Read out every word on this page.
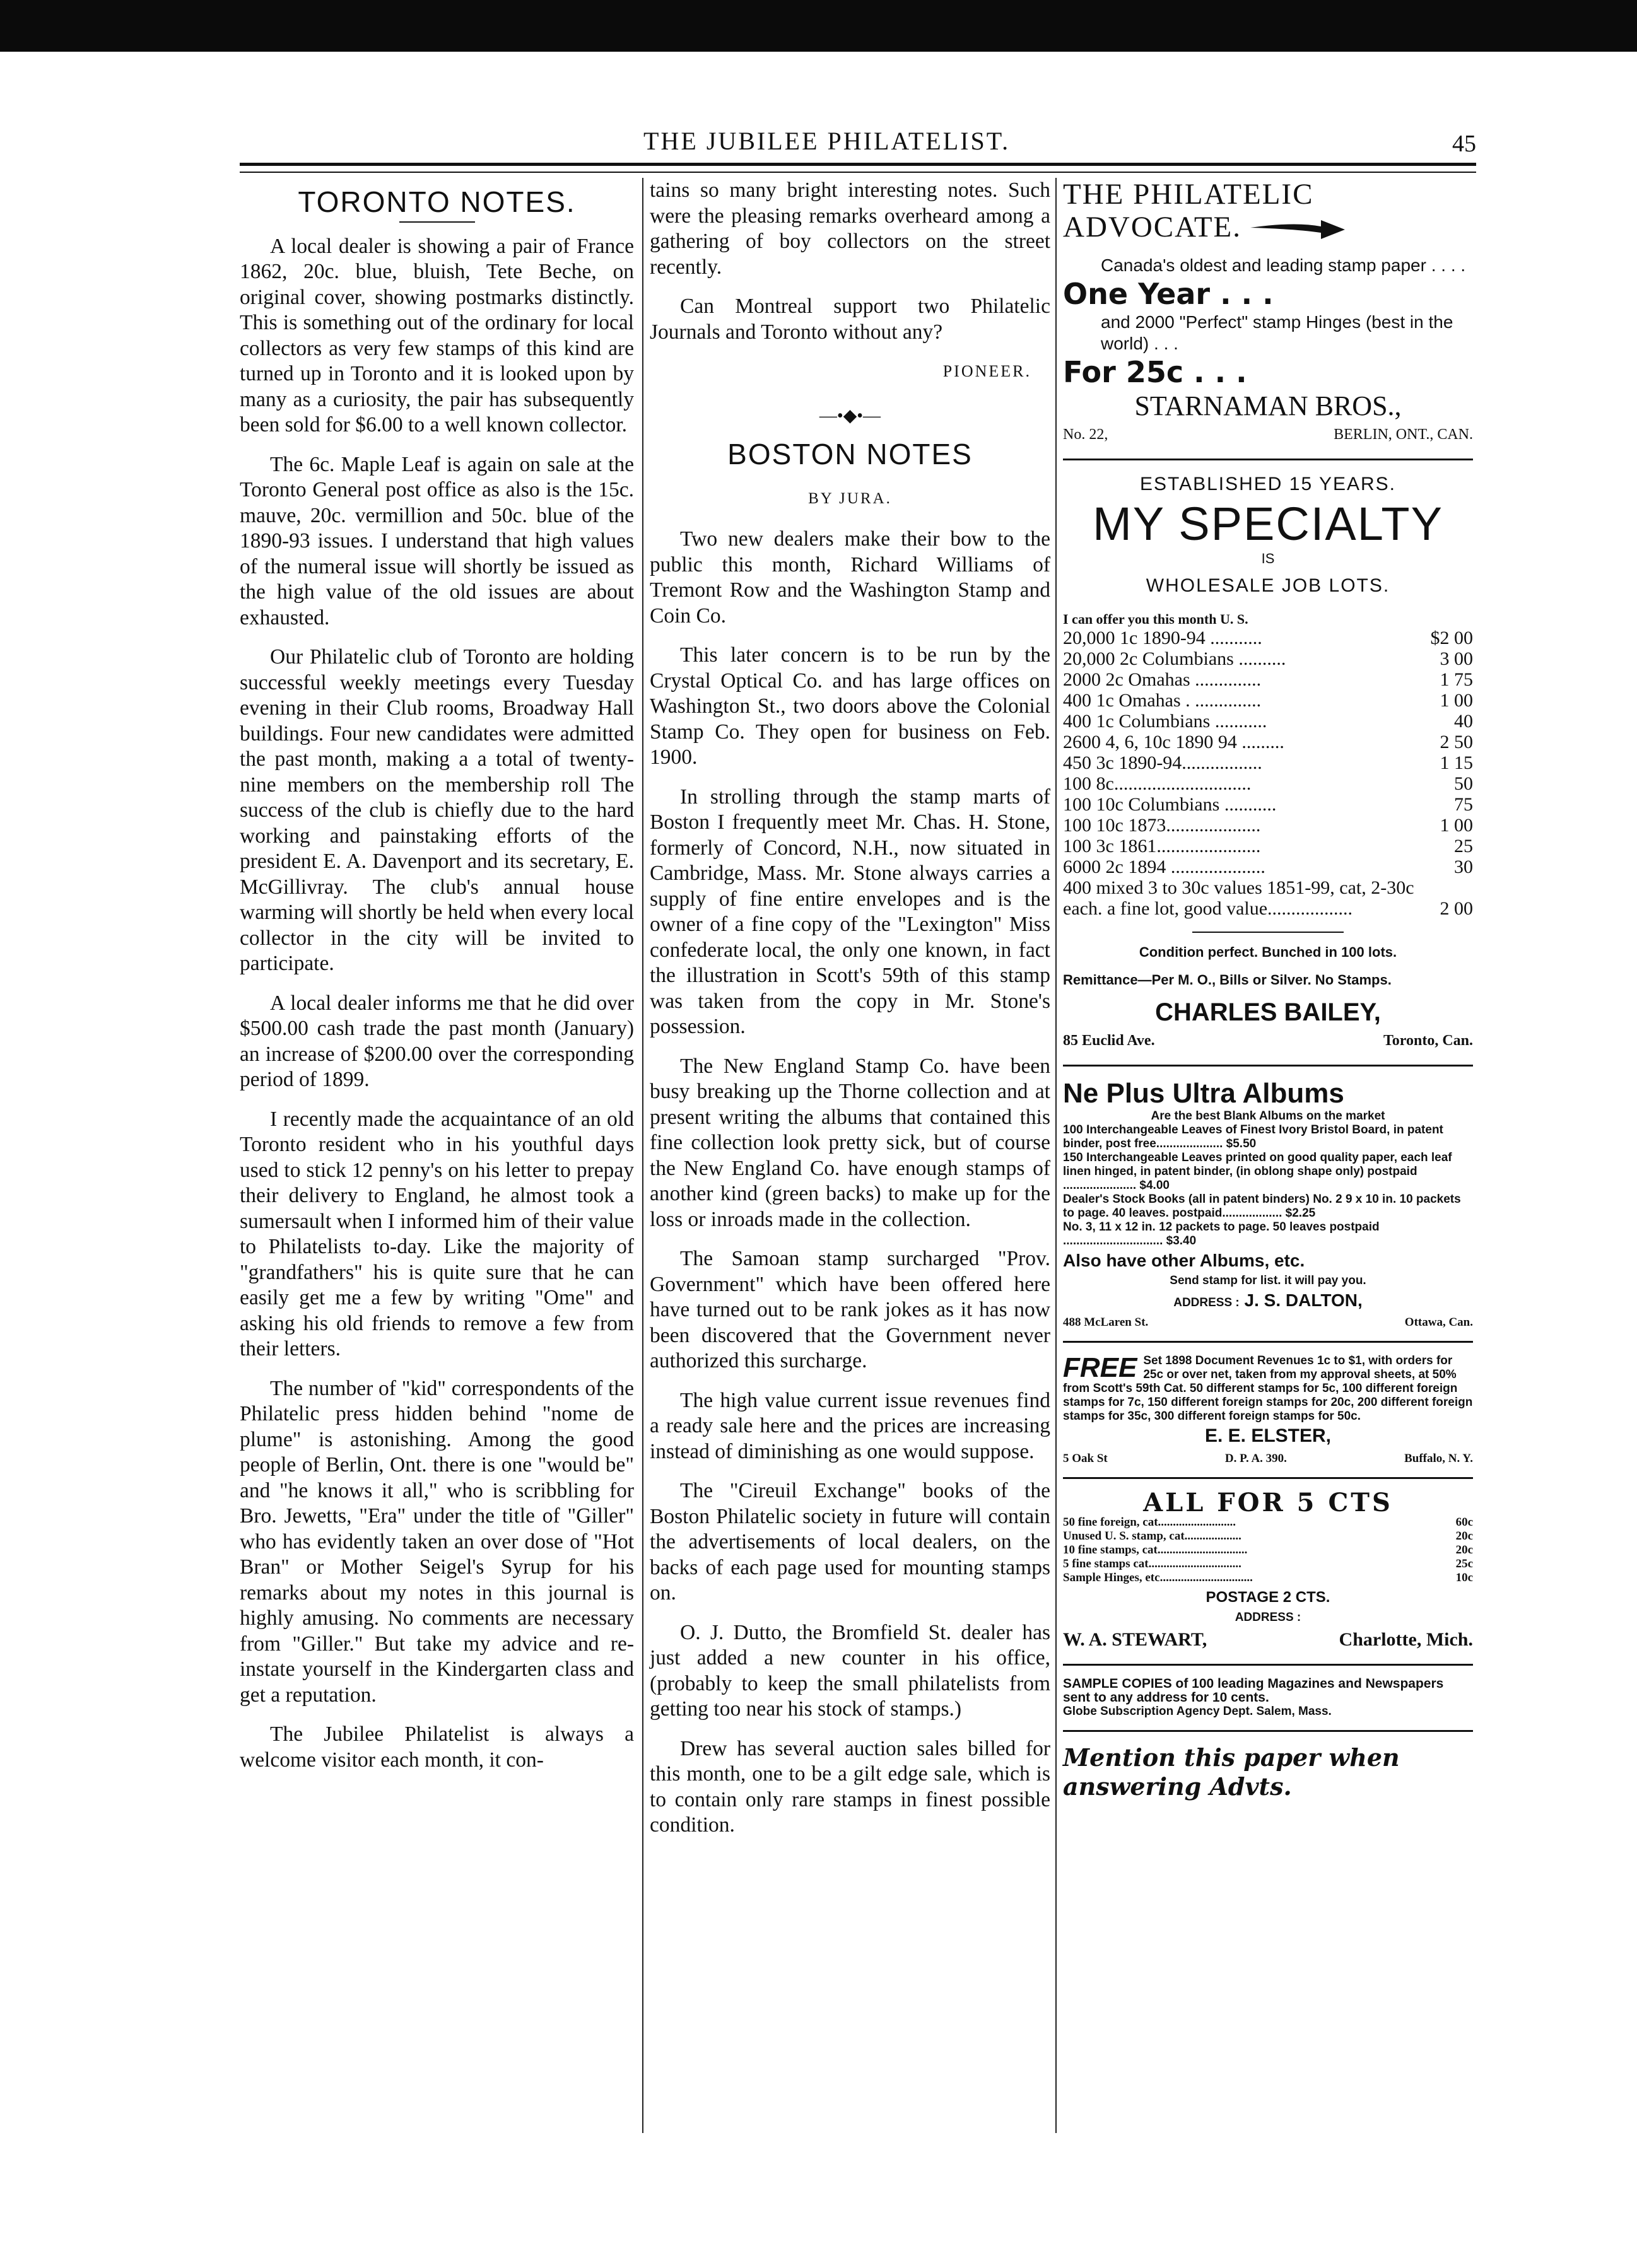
THE JUBILEE PHILATELIST.	45
TORONTO NOTES.

A local dealer is showing a pair of France 1862, 20c. blue, bluish, Tete Beche, on original cover, showing postmarks distinctly. This is something out of the ordinary for local collectors as very few stamps of this kind are turned up in Toronto and it is looked upon by many as a curiosity, the pair has subsequently been sold for $6.00 to a well known collector.

The 6c. Maple Leaf is again on sale at the Toronto General post office as also is the 15c. mauve, 20c. vermillion and 50c. blue of the 1890-93 issues. I understand that high values of the numeral issue will shortly be issued as the high value of the old issues are about exhausted.

Our Philatelic club of Toronto are holding successful weekly meetings every Tuesday evening in their Club rooms, Broadway Hall buildings. Four new candidates were admitted the past month, making a a total of twenty-nine members on the membership roll The success of the club is chiefly due to the hard working and painstaking efforts of the president E. A. Davenport and its secretary, E. McGillivray. The club's annual house warming will shortly be held when every local collector in the city will be invited to participate.

A local dealer informs me that he did over $500.00 cash trade the past month (January) an increase of $200.00 over the corresponding period of 1899.

I recently made the acquaintance of an old Toronto resident who in his youthful days used to stick 12 penny's on his letter to prepay their delivery to England, he almost took a sumersault when I informed him of their value to Philatelists to-day. Like the majority of "grandfathers" his is quite sure that he can easily get me a few by writing "Ome" and asking his old friends to remove a few from their letters.

The number of "kid" correspondents of the Philatelic press hidden behind "nome de plume" is astonishing. Among the good people of Berlin, Ont. there is one "would be" and "he knows it all," who is scribbling for Bro. Jewetts, "Era" under the title of "Giller" who has evidently taken an over dose of "Hot Bran" or Mother Seigel's Syrup for his remarks about my notes in this journal is highly amusing. No comments are necessary from "Giller." But take my advice and re-instate yourself in the Kindergarten class and get a reputation.

The Jubilee Philatelist is always a welcome visitor each month, it con-

tains so many bright interesting notes. Such were the pleasing remarks overheard among a gathering of boy collectors on the street recently.

Can Montreal support two Philatelic Journals and Toronto without any?

PIONEER.
—•◆•—
BOSTON NOTES
BY JURA.

Two new dealers make their bow to the public this month, Richard Williams of Tremont Row and the Washington Stamp and Coin Co.

This later concern is to be run by the Crystal Optical Co. and has large offices on Washington St., two doors above the Colonial Stamp Co. They open for business on Feb. 1900.

In strolling through the stamp marts of Boston I frequently meet Mr. Chas. H. Stone, formerly of Concord, N.H., now situated in Cambridge, Mass. Mr. Stone always carries a supply of fine entire envelopes and is the owner of a fine copy of the "Lexington" Miss confederate local, the only one known, in fact the illustration in Scott's 59th of this stamp was taken from the copy in Mr. Stone's possession.

The New England Stamp Co. have been busy breaking up the Thorne collection and at present writing the albums that contained this fine collection look pretty sick, but of course the New England Co. have enough stamps of another kind (green backs) to make up for the loss or inroads made in the collection.

The Samoan stamp surcharged "Prov. Government" which have been offered here have turned out to be rank jokes as it has now been discovered that the Government never authorized this surcharge.

The high value current issue revenues find a ready sale here and the prices are increasing instead of diminishing as one would suppose.

The "Cireuil Exchange" books of the Boston Philatelic society in future will contain the advertisements of local dealers, on the backs of each page used for mounting stamps on.

O. J. Dutto, the Bromfield St. dealer has just added a new counter in his office, (probably to keep the small philatelists from getting too near his stock of stamps.)

Drew has several auction sales billed for this month, one to be a gilt edge sale, which is to contain only rare stamps in finest possible condition.

THE PHILATELIC
ADVOCATE.
Canada's oldest and leading stamp paper . . . .
One Year . . .
and 2000 "Perfect" stamp Hinges (best in the world) . . .
For 25c . . .
STARNAMAN BROS.,
No. 22,	BERLIN, ONT., CAN.
ESTABLISHED 15 YEARS.
MY SPECIALTY
IS
WHOLESALE JOB LOTS.
I can offer you this month U. S.
20,000 1c 1890-94 ...........	$2 00
20,000 2c Columbians ..........	3 00
2000 2c Omahas ..............	1 75
400 1c Omahas . ..............	1 00
400 1c Columbians ...........	40
2600 4, 6, 10c 1890 94 .........	2 50
450 3c 1890-94.................	1 15
100 8c.............................	50
100 10c Columbians ...........	75
100 10c 1873....................	1 00
100 3c 1861......................	25
6000 2c 1894 ....................	30
400 mixed 3 to 30c values 1851-99, cat, 2-30c each. a fine lot, good value..................	2 00
Condition perfect. Bunched in 100 lots.
Remittance—Per M. O., Bills or Silver. No Stamps.
CHARLES BAILEY,
85 Euclid Ave.	Toronto, Can.
Ne Plus Ultra Albums
Are the best Blank Albums on the market
100 Interchangeable Leaves of Finest Ivory Bristol Board, in patent binder, post free.................... $5.50
150 Interchangeable Leaves printed on good quality paper, each leaf linen hinged, in patent binder, (in oblong shape only) postpaid ...................... $4.00
Dealer's Stock Books (all in patent binders) No. 2 9 x 10 in. 10 packets to page. 40 leaves. postpaid.................. $2.25
No. 3, 11 x 12 in. 12 packets to page. 50 leaves postpaid .............................. $3.40
Also have other Albums, etc.
Send stamp for list. it will pay you.
ADDRESS : J. S. DALTON,
488 McLaren St.	Ottawa, Can.
FREE Set 1898 Document Revenues 1c to $1, with orders for 25c or over net, taken from my approval sheets, at 50% from Scott's 59th Cat. 50 different stamps for 5c, 100 different foreign stamps for 7c, 150 different foreign stamps for 20c, 200 different foreign stamps for 35c, 300 different foreign stamps for 50c.
E. E. ELSTER,
5 Oak St	D. P. A. 390.	Buffalo, N. Y.
ALL FOR 5 CTS
50 fine foreign, cat..........................	60c
Unused U. S. stamp, cat...................	20c
10 fine stamps, cat..............................	20c
5 fine stamps cat...............................	25c
Sample Hinges, etc...............................	10c
POSTAGE 2 CTS.
ADDRESS :
W. A. STEWART,	Charlotte, Mich.
SAMPLE COPIES of 100 leading Magazines and Newspapers sent to any address for 10 cents.
Globe Subscription Agency Dept. Salem, Mass.
Mention this paper when answering Advts.
